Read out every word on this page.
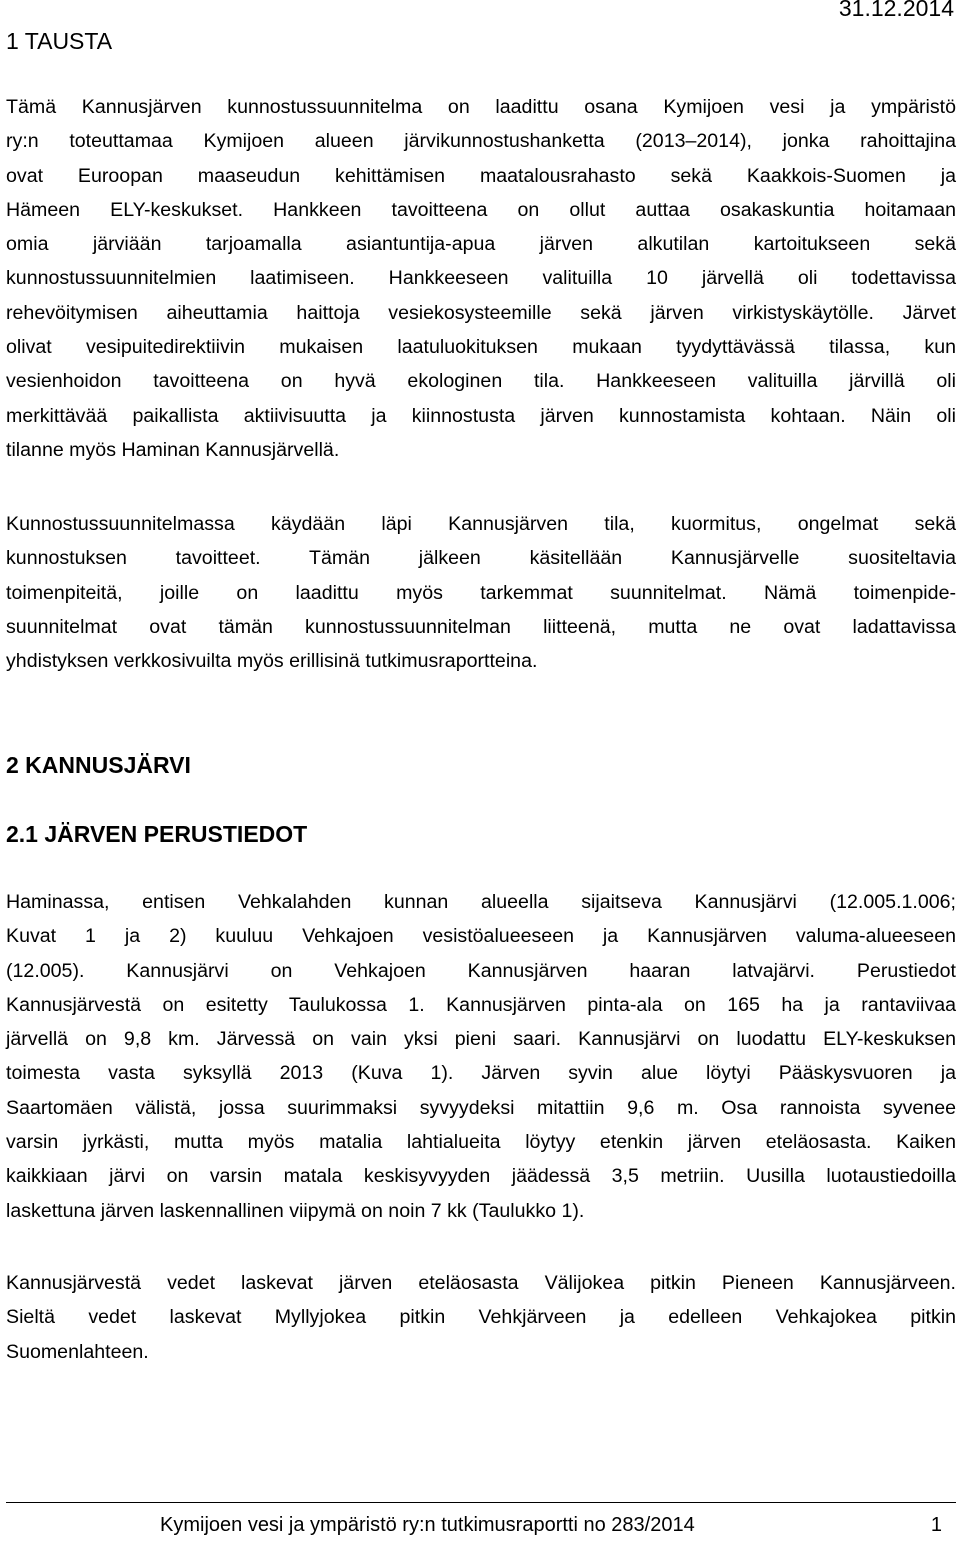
31.12.2014
1 TAUSTA

Tämä Kannusjärven kunnostussuunnitelma on laadittu osana Kymijoen vesi ja ympäristö
ry:n toteuttamaa Kymijoen alueen järvikunnostushanketta (2013–2014), jonka rahoittajina
ovat Euroopan maaseudun kehittämisen maatalousrahasto sekä Kaakkois-Suomen ja
Hämeen ELY-keskukset. Hankkeen tavoitteena on ollut auttaa osakaskuntia hoitamaan
omia järviään tarjoamalla asiantuntija-apua järven alkutilan kartoitukseen sekä
kunnostussuunnitelmien laatimiseen. Hankkeeseen valituilla 10 järvellä oli todettavissa
rehevöitymisen aiheuttamia haittoja vesiekosysteemille sekä järven virkistyskäytölle. Järvet
olivat vesipuitedirektiivin mukaisen laatuluokituksen mukaan tyydyttävässä tilassa, kun
vesienhoidon tavoitteena on hyvä ekologinen tila. Hankkeeseen valituilla järvillä oli
merkittävää paikallista aktiivisuutta ja kiinnostusta järven kunnostamista kohtaan. Näin oli
tilanne myös Haminan Kannusjärvellä.

Kunnostussuunnitelmassa käydään läpi Kannusjärven tila, kuormitus, ongelmat sekä
kunnostuksen tavoitteet. Tämän jälkeen käsitellään Kannusjärvelle suositeltavia
toimenpiteitä, joille on laadittu myös tarkemmat suunnitelmat. Nämä toimenpide-
suunnitelmat ovat tämän kunnostussuunnitelman liitteenä, mutta ne ovat ladattavissa
yhdistyksen verkkosivuilta myös erillisinä tutkimusraportteina.

2 KANNUSJÄRVI
2.1 JÄRVEN PERUSTIEDOT

Haminassa, entisen Vehkalahden kunnan alueella sijaitseva Kannusjärvi (12.005.1.006;
Kuvat 1 ja 2) kuuluu Vehkajoen vesistöalueeseen ja Kannusjärven valuma-alueeseen
(12.005). Kannusjärvi on Vehkajoen Kannusjärven haaran latvajärvi. Perustiedot
Kannusjärvestä on esitetty Taulukossa 1. Kannusjärven pinta-ala on 165 ha ja rantaviivaa
järvellä on 9,8 km. Järvessä on vain yksi pieni saari. Kannusjärvi on luodattu ELY-keskuksen
toimesta vasta syksyllä 2013 (Kuva 1). Järven syvin alue löytyi Pääskysvuoren ja
Saartomäen välistä, jossa suurimmaksi syvyydeksi mitattiin 9,6 m. Osa rannoista syvenee
varsin jyrkästi, mutta myös matalia lahtialueita löytyy etenkin järven eteläosasta. Kaiken
kaikkiaan järvi on varsin matala keskisyvyyden jäädessä 3,5 metriin. Uusilla luotaustiedoilla
laskettuna järven laskennallinen viipymä on noin 7 kk (Taulukko 1).

Kannusjärvestä vedet laskevat järven eteläosasta Välijokea pitkin Pieneen Kannusjärveen.
Sieltä vedet laskevat Myllyjokea pitkin Vehkjärveen ja edelleen Vehkajokea pitkin
Suomenlahteen.

Kymijoen vesi ja ympäristö ry:n tutkimusraportti no 283/2014	1
